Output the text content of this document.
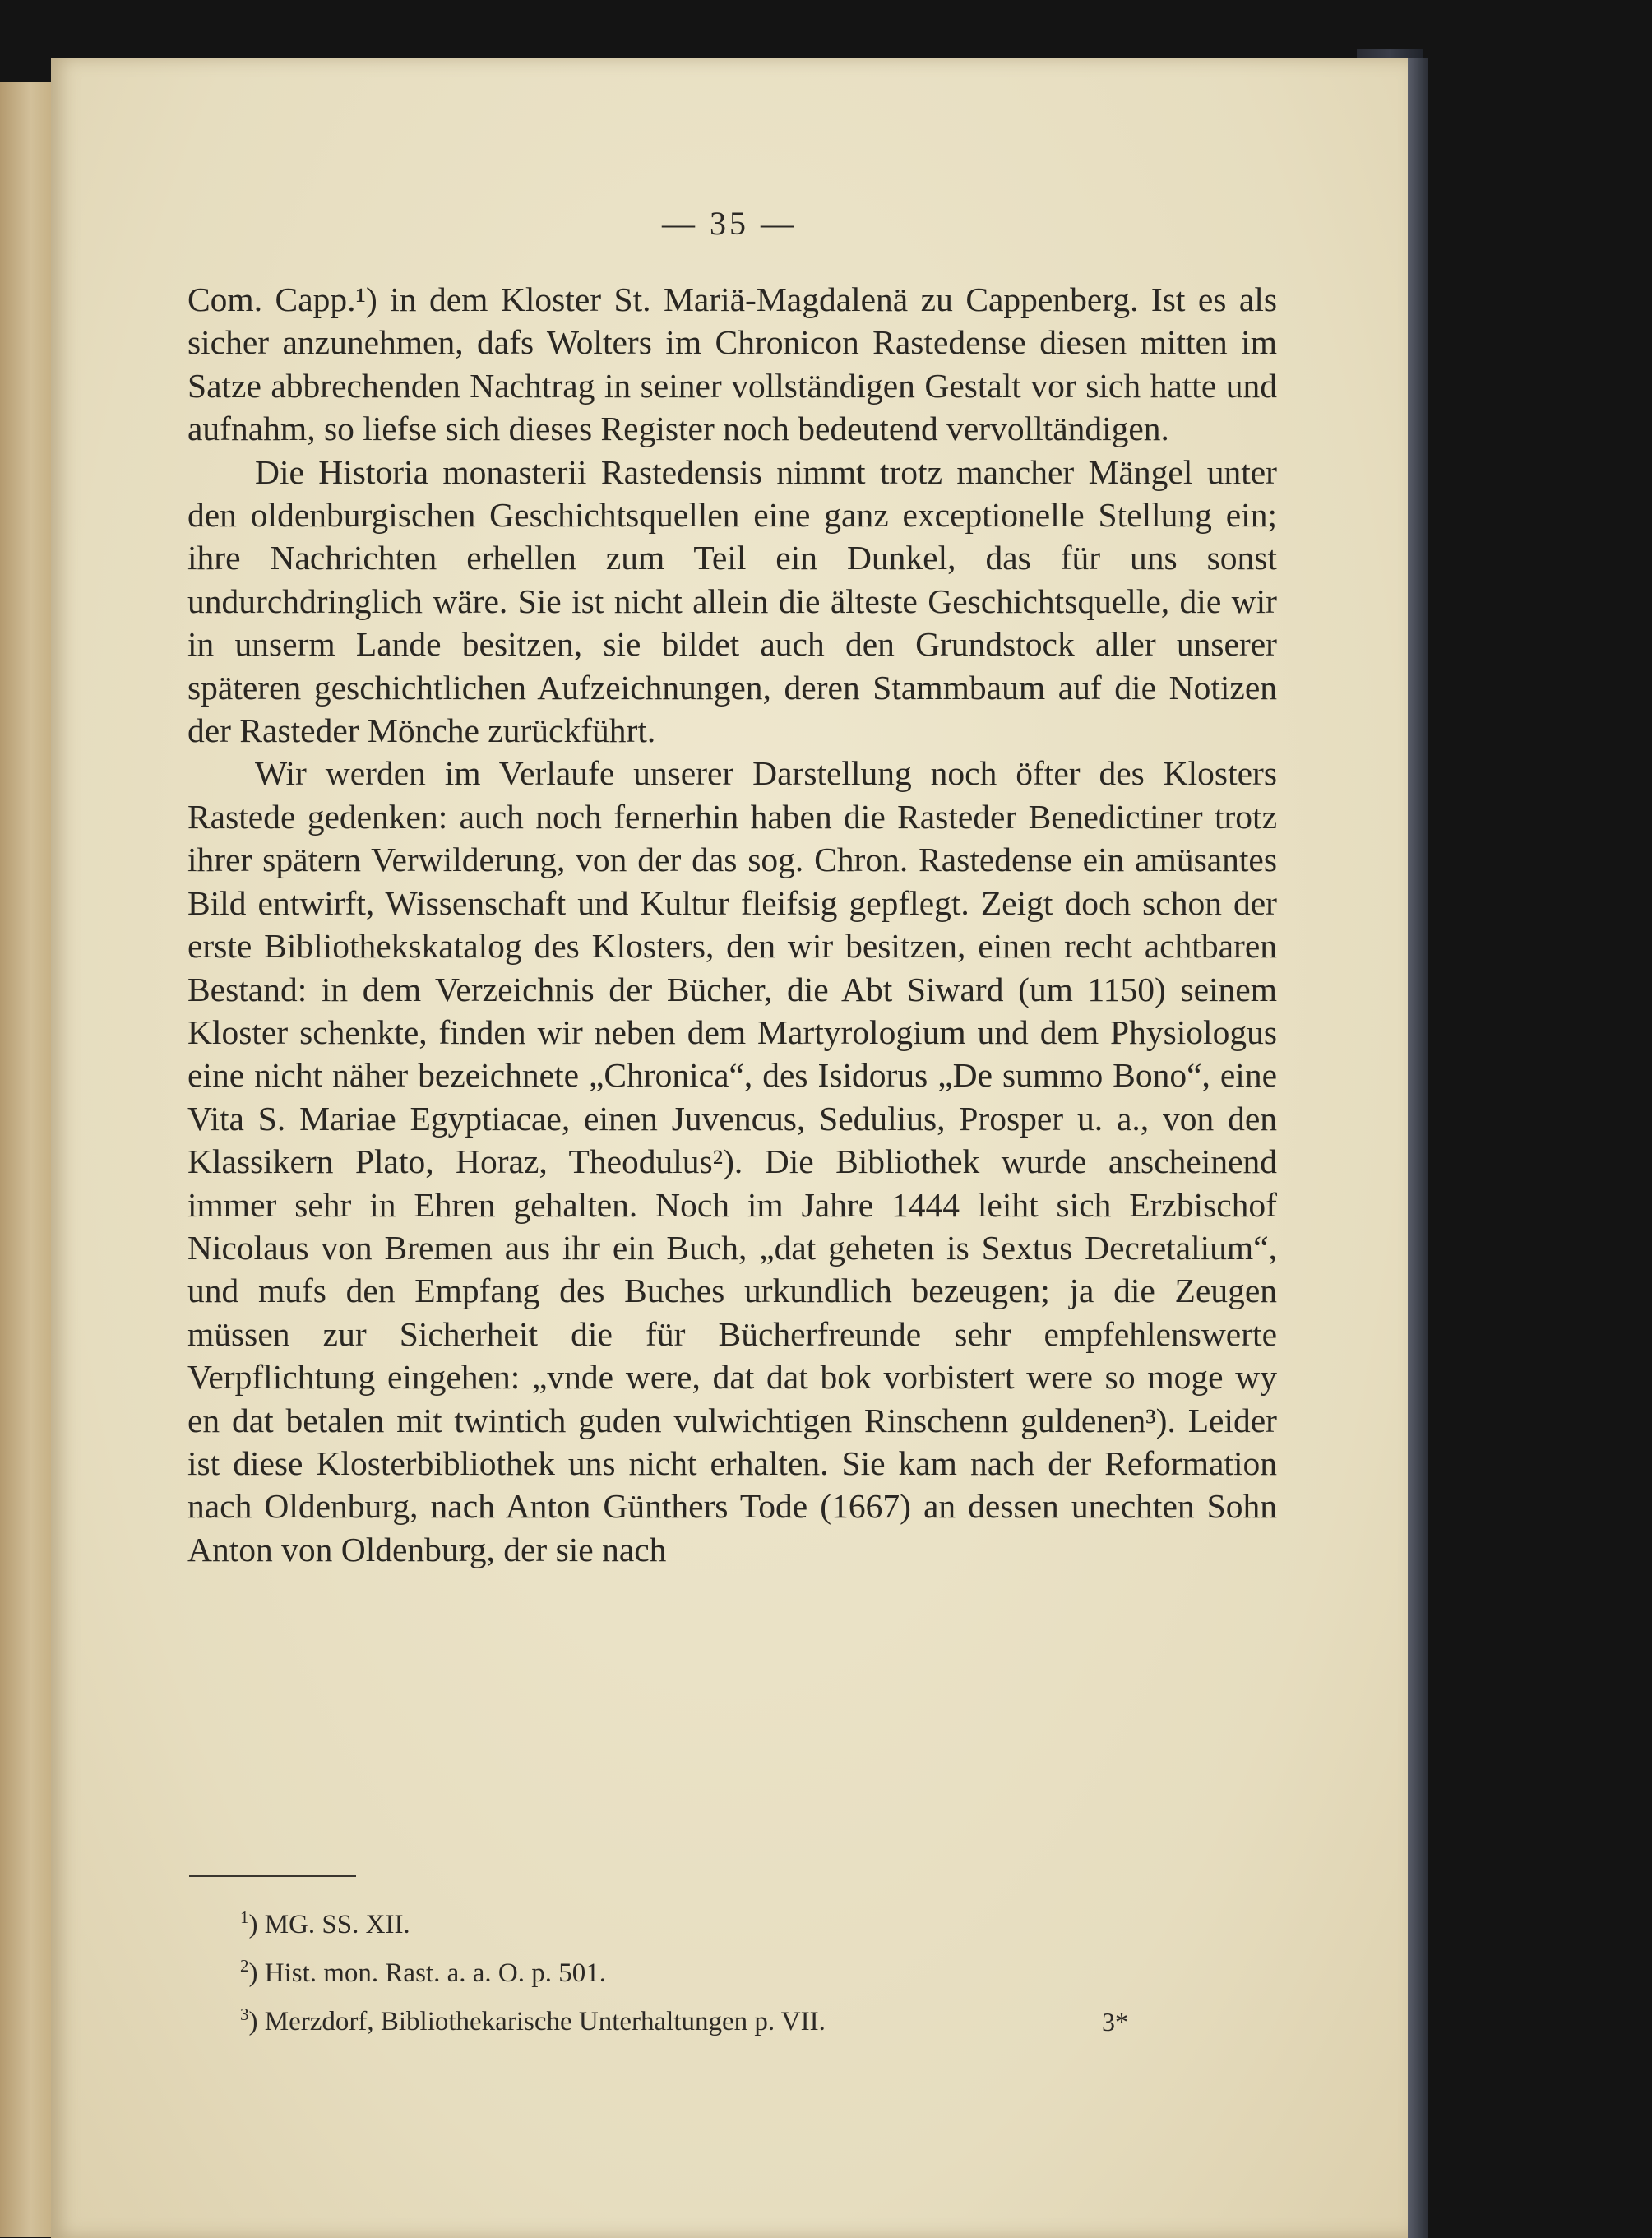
— 35 —

Com. Capp.¹) in dem Kloster St. Mariä-Magdalenä zu Cappenberg. Ist es als sicher anzunehmen, dafs Wolters im Chronicon Rastedense diesen mitten im Satze abbrechenden Nachtrag in seiner vollständigen Gestalt vor sich hatte und aufnahm, so liefse sich dieses Register noch bedeutend vervolltändigen.

Die Historia monasterii Rastedensis nimmt trotz mancher Mängel unter den oldenburgischen Geschichtsquellen eine ganz exceptionelle Stellung ein; ihre Nachrichten erhellen zum Teil ein Dunkel, das für uns sonst undurchdringlich wäre. Sie ist nicht allein die älteste Geschichtsquelle, die wir in unserm Lande besitzen, sie bildet auch den Grundstock aller unserer späteren geschichtlichen Aufzeichnungen, deren Stammbaum auf die Notizen der Rasteder Mönche zurückführt.

Wir werden im Verlaufe unserer Darstellung noch öfter des Klosters Rastede gedenken: auch noch fernerhin haben die Rasteder Benedictiner trotz ihrer spätern Verwilderung, von der das sog. Chron. Rastedense ein amüsantes Bild entwirft, Wissenschaft und Kultur fleifsig gepflegt. Zeigt doch schon der erste Bibliothekskatalog des Klosters, den wir besitzen, einen recht achtbaren Bestand: in dem Verzeichnis der Bücher, die Abt Siward (um 1150) seinem Kloster schenkte, finden wir neben dem Martyrologium und dem Physiologus eine nicht näher bezeichnete „Chronica“, des Isidorus „De summo Bono“, eine Vita S. Mariae Egyptiacae, einen Juvencus, Sedulius, Prosper u. a., von den Klassikern Plato, Horaz, Theodulus²). Die Bibliothek wurde anscheinend immer sehr in Ehren gehalten. Noch im Jahre 1444 leiht sich Erzbischof Nicolaus von Bremen aus ihr ein Buch, „dat geheten is Sextus Decretalium“, und mufs den Empfang des Buches urkundlich bezeugen; ja die Zeugen müssen zur Sicherheit die für Bücherfreunde sehr empfehlenswerte Verpflichtung eingehen: „vnde were, dat dat bok vorbistert were so moge wy en dat betalen mit twintich guden vulwichtigen Rinschenn guldenen³). Leider ist diese Klosterbibliothek uns nicht erhalten. Sie kam nach der Reformation nach Oldenburg, nach Anton Günthers Tode (1667) an dessen unechten Sohn Anton von Oldenburg, der sie nach

$^1$) MG. SS. XII.
$^2$) Hist. mon. Rast. a. a. O. p. 501.
$^3$) Merzdorf, Bibliothekarische Unterhaltungen p. VII.	3*
